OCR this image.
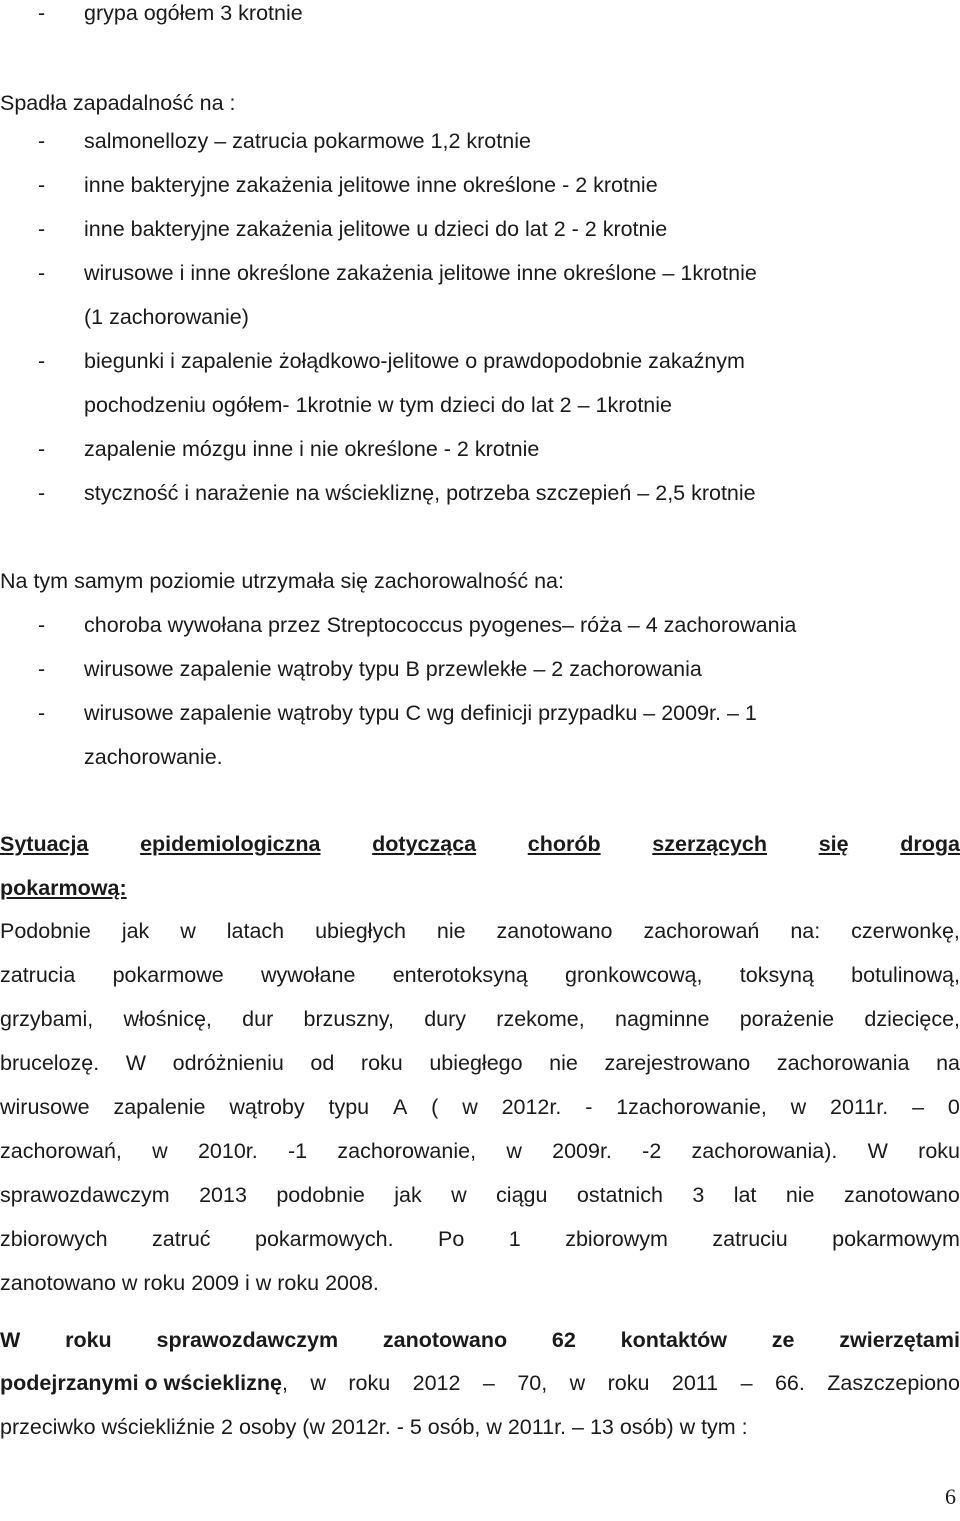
- grypa ogółem 3 krotnie
Spadła zapadalność na :
- salmonellozy – zatrucia pokarmowe 1,2 krotnie
- inne bakteryjne zakażenia jelitowe inne określone - 2 krotnie
- inne bakteryjne zakażenia jelitowe u dzieci do lat 2 - 2 krotnie
- wirusowe i inne określone zakażenia jelitowe inne określone – 1krotnie
(1 zachorowanie)
- biegunki i zapalenie żołądkowo-jelitowe o prawdopodobnie zakaźnym
pochodzeniu ogółem- 1krotnie w tym dzieci do lat 2 – 1krotnie
- zapalenie mózgu inne i nie określone - 2 krotnie
- styczność i narażenie na wściekliznę, potrzeba szczepień – 2,5 krotnie
Na tym samym poziomie utrzymała się zachorowalność na:
- choroba wywołana przez Streptococcus pyogenes– róża – 4 zachorowania
- wirusowe zapalenie wątroby typu B przewlekłe – 2 zachorowania
- wirusowe zapalenie wątroby typu C wg definicji przypadku – 2009r. – 1
zachorowanie.
Sytuacja epidemiologiczna dotycząca chorób szerzących się droga
pokarmową:
Podobnie jak w latach ubiegłych nie zanotowano zachorowań na: czerwonkę,
zatrucia pokarmowe wywołane enterotoksyną gronkowcową, toksyną botulinową,
grzybami, włośnicę, dur brzuszny, dury rzekome, nagminne porażenie dziecięce,
brucelozę. W odróżnieniu od roku ubiegłego nie zarejestrowano zachorowania na
wirusowe zapalenie wątroby typu A ( w 2012r. - 1zachorowanie, w 2011r. – 0
zachorowań, w 2010r. -1 zachorowanie, w 2009r. -2 zachorowania). W roku
sprawozdawczym 2013 podobnie jak w ciągu ostatnich 3 lat nie zanotowano
zbiorowych zatruć pokarmowych. Po 1 zbiorowym zatruciu pokarmowym
zanotowano w roku 2009 i w roku 2008.
W roku sprawozdawczym zanotowano 62 kontaktów ze zwierzętami
podejrzanymi o wściekliznę , w roku 2012 – 70, w roku 2011 – 66. Zaszczepiono
przeciwko wściekliźnie 2 osoby (w 2012r. - 5 osób, w 2011r. – 13 osób) w tym :
6
